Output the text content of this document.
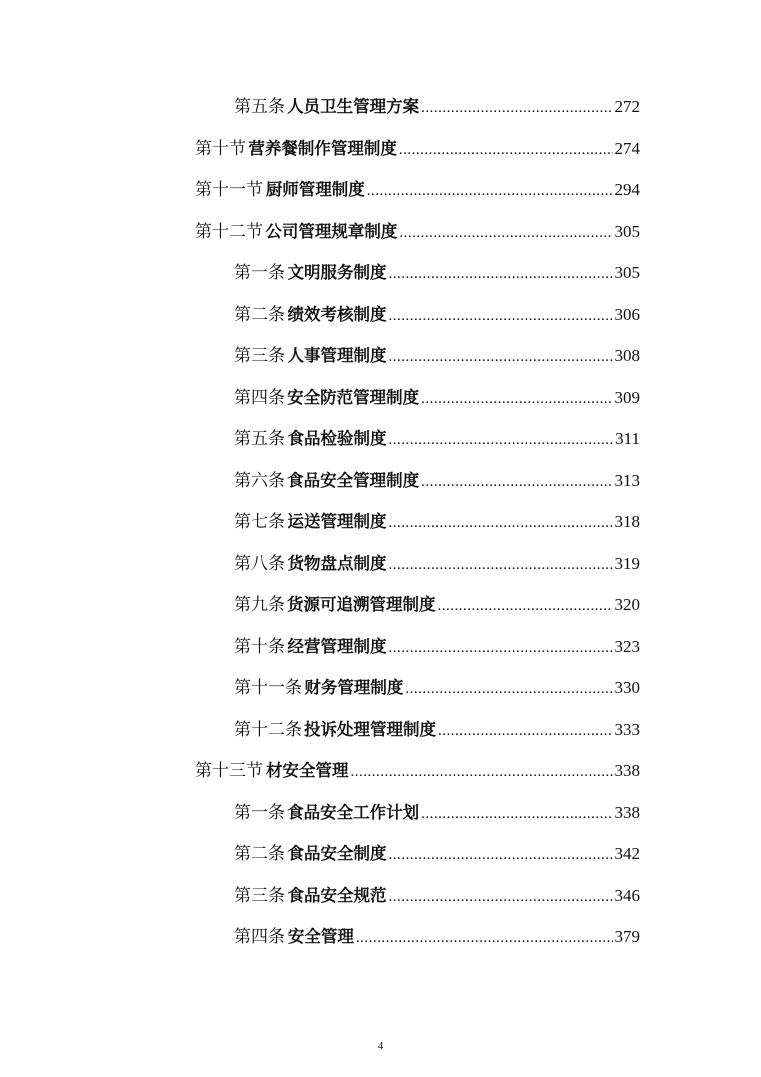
第五条 人员卫生管理方案 .....	272
第十节 营养餐制作管理制度 .....	274
第十一节 厨师管理制度 .....	294
第十二节 公司管理规章制度 .....	305
第一条 文明服务制度 .....	305
第二条 绩效考核制度 .....	306
第三条 人事管理制度 .....	308
第四条 安全防范管理制度 .....	309
第五条 食品检验制度 .....	311
第六条 食品安全管理制度 .....	313
第七条 运送管理制度 .....	318
第八条 货物盘点制度 .....	319
第九条 货源可追溯管理制度 .....	320
第十条 经营管理制度 .....	323
第十一条 财务管理制度 .....	330
第十二条 投诉处理管理制度 .....	333
第十三节 材安全管理 .....	338
第一条 食品安全工作计划 .....	338
第二条 食品安全制度 .....	342
第三条 食品安全规范 .....	346
第四条 安全管理 .....	379
4
